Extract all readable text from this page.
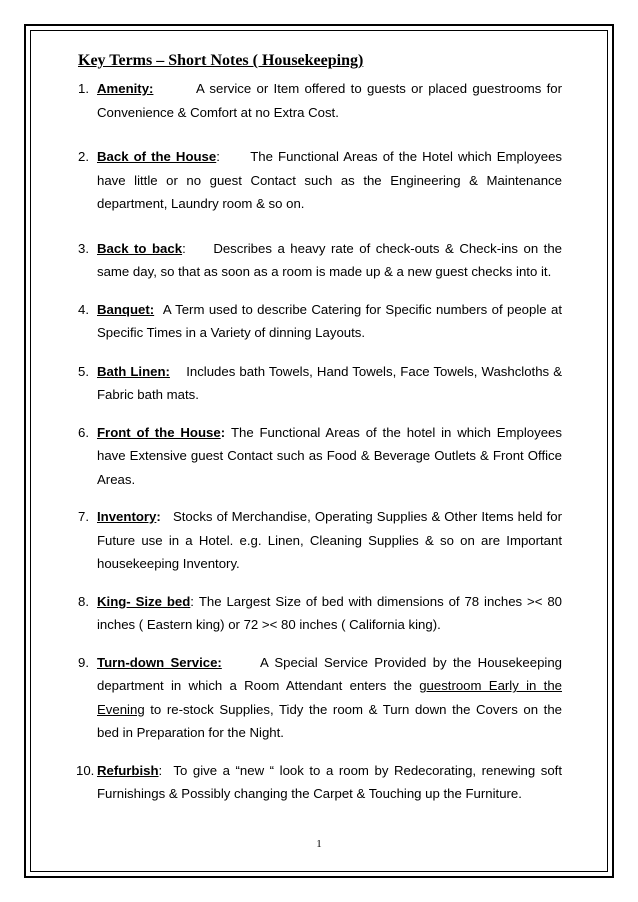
Key Terms – Short Notes ( Housekeeping)
1. Amenity:	A service or Item offered to guests or placed guestrooms for Convenience & Comfort at no Extra Cost.
2. Back of the House: The Functional Areas of the Hotel which Employees have little or no guest Contact such as the Engineering & Maintenance department, Laundry room & so on.
3. Back to back: Describes a heavy rate of check-outs & Check-ins on the same day, so that as soon as a room is made up & a new guest checks into it.
4. Banquet: A Term used to describe Catering for Specific numbers of people at Specific Times in a Variety of dinning Layouts.
5. Bath Linen: Includes bath Towels, Hand Towels, Face Towels, Washcloths & Fabric bath mats.
6. Front of the House: The Functional Areas of the hotel in which Employees have Extensive guest Contact such as Food & Beverage Outlets & Front Office Areas.
7. Inventory: Stocks of Merchandise, Operating Supplies & Other Items held for Future use in a Hotel. e.g. Linen, Cleaning Supplies & so on are Important housekeeping Inventory.
8. King- Size bed: The Largest Size of bed with dimensions of 78 inches >< 80 inches ( Eastern king) or 72 >< 80 inches ( California king).
9. Turn-down Service:	A Special Service Provided by the Housekeeping department in which a Room Attendant enters the guestroom Early in the Evening to re-stock Supplies, Tidy the room & Turn down the Covers on the bed in Preparation for the Night.
10. Refurbish: To give a “new “ look to a room by Redecorating, renewing soft Furnishings & Possibly changing the Carpet & Touching up the Furniture.
1
